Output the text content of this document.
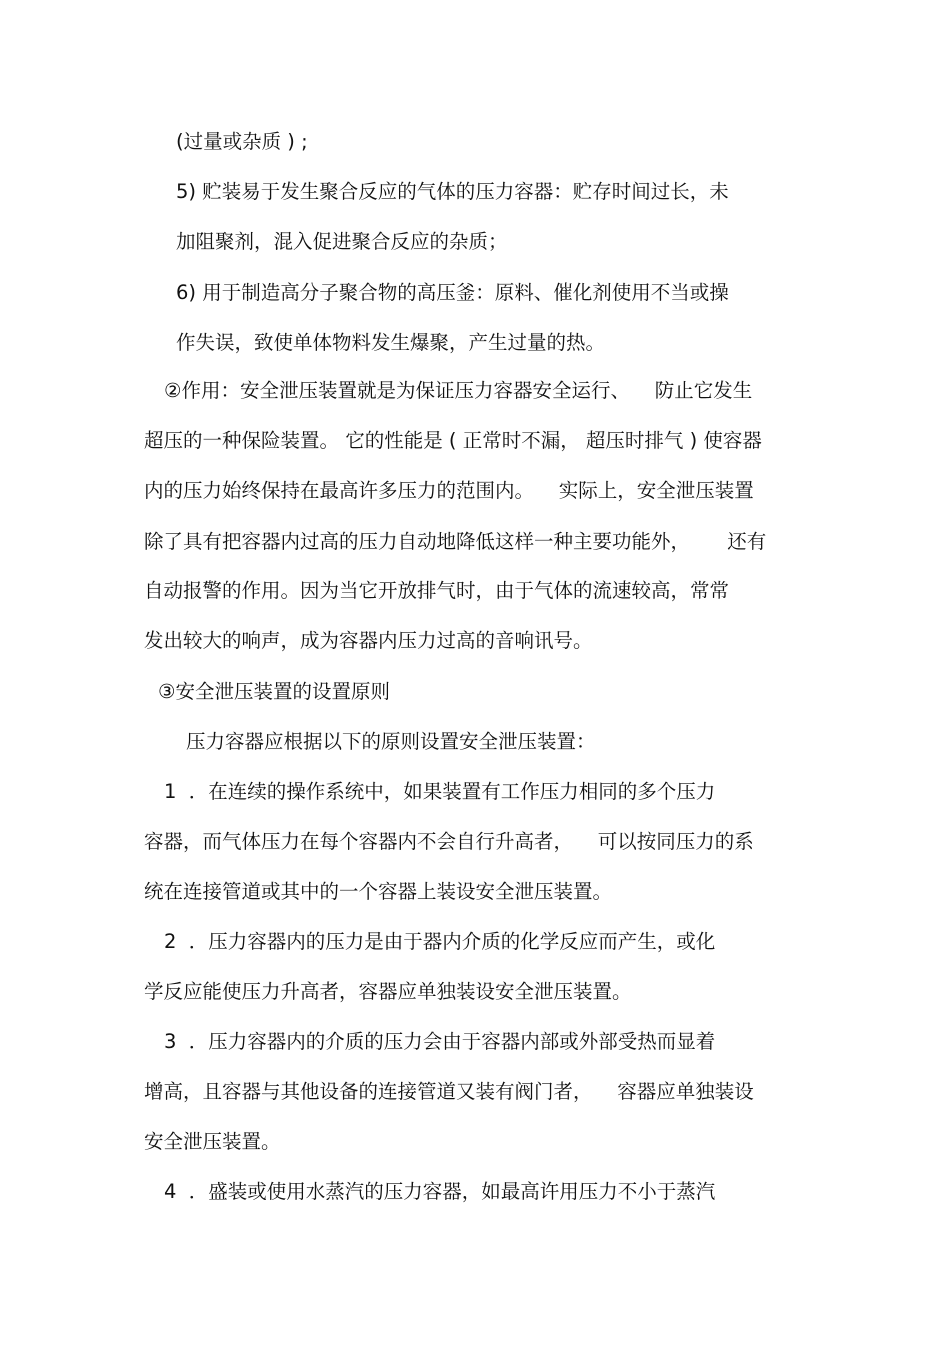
(过量或杂质 ) ;
5) 贮装易于发生聚合反应的气体的压力容器：贮存时间过长，未
加阻聚剂，混入促进聚合反应的杂质；
6) 用于制造高分子聚合物的高压釜：原料、催化剂使用不当或操
作失误，致使单体物料发生爆聚，产生过量的热。
②作用：安全泄压装置就是为保证压力容器安全运行、    防止它发生
超压的一种保险装置。 它的性能是 ( 正常时不漏， 超压时排气 ) 使容器
内的压力始终保持在最高许多压力的范围内。    实际上，安全泄压装置
除了具有把容器内过高的压力自动地降低这样一种主要功能外，      还有
自动报警的作用。因为当它开放排气时，由于气体的流速较高，常常
发出较大的响声，成为容器内压力过高的音响讯号。
③安全泄压装置的设置原则
压力容器应根据以下的原则设置安全泄压装置：
1  ．在连续的操作系统中，如果装置有工作压力相同的多个压力
容器，而气体压力在每个容器内不会自行升高者，    可以按同压力的系
统在连接管道或其中的一个容器上装设安全泄压装置。
2  ．压力容器内的压力是由于器内介质的化学反应而产生，或化
学反应能使压力升高者，容器应单独装设安全泄压装置。
3  ．压力容器内的介质的压力会由于容器内部或外部受热而显着
增高，且容器与其他设备的连接管道又装有阀门者，    容器应单独装设
安全泄压装置。
4  ．盛装或使用水蒸汽的压力容器，如最高许用压力不小于蒸汽
